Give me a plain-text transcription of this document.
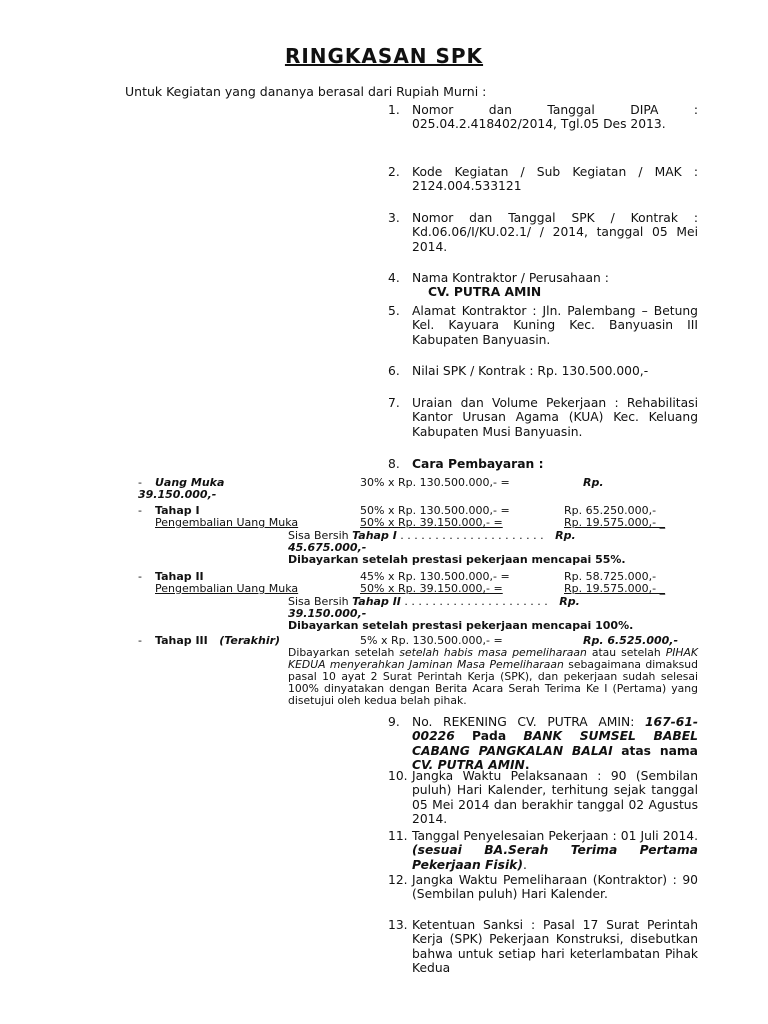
RINGKASAN SPK
Untuk Kegiatan yang dananya berasal dari Rupiah Murni :
1. Nomor dan Tanggal DIPA : 025.04.2.418402/2014, Tgl.05 Des 2013.
2. Kode Kegiatan / Sub Kegiatan / MAK : 2124.004.533121
3. Nomor dan Tanggal SPK / Kontrak : Kd.06.06/I/KU.02.1/ / 2014, tanggal 05 Mei 2014.
4. Nama Kontraktor / Perusahaan :
CV. PUTRA AMIN
5. Alamat Kontraktor : Jln. Palembang – Betung Kel. Kayuara Kuning Kec. Banyuasin III Kabupaten Banyuasin.
6. Nilai SPK / Kontrak : Rp. 130.500.000,-
7. Uraian dan Volume Pekerjaan : Rehabilitasi Kantor Urusan Agama (KUA) Kec. Keluang Kabupaten Musi Banyuasin.
8. Cara Pembayaran :
- Uang Muka	30% x Rp. 130.500.000,- =	Rp.
39.150.000,-
- Tahap I	50% x Rp. 130.500.000,- =	Rp. 65.250.000,-
Pengembalian Uang Muka	50% x Rp. 39.150.000,- =	Rp. 19.575.000,- _
Sisa Bersih Tahap I . . . . . . . . . . . . . . . . . . . . . Rp.
45.675.000,-
Dibayarkan setelah prestasi pekerjaan mencapai 55%.
- Tahap II	45% x Rp. 130.500.000,- =	Rp. 58.725.000,-
Pengembalian Uang Muka	50% x Rp. 39.150.000,- =	Rp. 19.575.000,- _
Sisa Bersih Tahap II . . . . . . . . . . . . . . . . . . . . . Rp.
39.150.000,-
Dibayarkan setelah prestasi pekerjaan mencapai 100%.
- Tahap III (Terakhir)	5% x Rp. 130.500.000,- =	Rp. 6.525.000,-
Dibayarkan setelah setelah habis masa pemeliharaan atau setelah PIHAK KEDUA menyerahkan Jaminan Masa Pemeliharaan sebagaimana dimaksud pasal 10 ayat 2 Surat Perintah Kerja (SPK), dan pekerjaan sudah selesai 100% dinyatakan dengan Berita Acara Serah Terima Ke I (Pertama) yang disetujui oleh kedua belah pihak.
9. No. REKENING CV. PUTRA AMIN: 167-61-00226 Pada BANK SUMSEL BABEL CABANG PANGKALAN BALAI atas nama CV. PUTRA AMIN.
10. Jangka Waktu Pelaksanaan : 90 (Sembilan puluh) Hari Kalender, terhitung sejak tanggal 05 Mei 2014 dan berakhir tanggal 02 Agustus 2014.
11. Tanggal Penyelesaian Pekerjaan : 01 Juli 2014. (sesuai BA.Serah Terima Pertama Pekerjaan Fisik).
12. Jangka Waktu Pemeliharaan (Kontraktor) : 90 (Sembilan puluh) Hari Kalender.
13. Ketentuan Sanksi : Pasal 17 Surat Perintah Kerja (SPK) Pekerjaan Konstruksi, disebutkan bahwa untuk setiap hari keterlambatan Pihak Kedua
